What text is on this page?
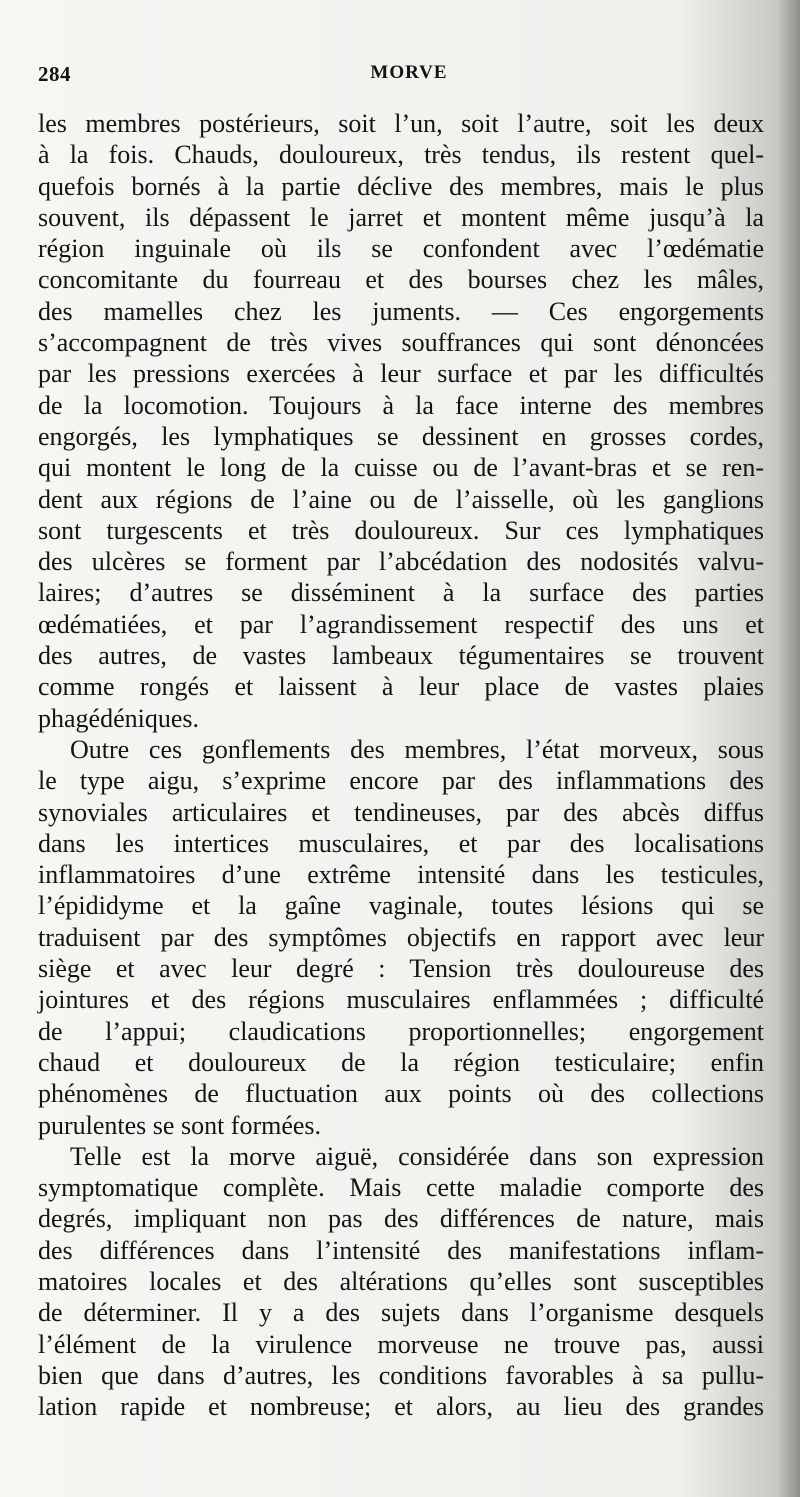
284	MORVE
les membres postérieurs, soit l’un, soit l’autre, soit les deux
à la fois. Chauds, douloureux, très tendus, ils restent quel-
quefois bornés à la partie déclive des membres, mais le plus
souvent, ils dépassent le jarret et montent même jusqu’à la
région inguinale où ils se confondent avec l’œdématie
concomitante du fourreau et des bourses chez les mâles,
des mamelles chez les juments. — Ces engorgements
s’accompagnent de très vives souffrances qui sont dénoncées
par les pressions exercées à leur surface et par les difficultés
de la locomotion. Toujours à la face interne des membres
engorgés, les lymphatiques se dessinent en grosses cordes,
qui montent le long de la cuisse ou de l’avant-bras et se ren-
dent aux régions de l’aine ou de l’aisselle, où les ganglions
sont turgescents et très douloureux. Sur ces lymphatiques
des ulcères se forment par l’abcédation des nodosités valvu-
laires; d’autres se disséminent à la surface des parties
œdématiées, et par l’agrandissement respectif des uns et
des autres, de vastes lambeaux tégumentaires se trouvent
comme rongés et laissent à leur place de vastes plaies
phagédéniques.
Outre ces gonflements des membres, l’état morveux, sous
le type aigu, s’exprime encore par des inflammations des
synoviales articulaires et tendineuses, par des abcès diffus
dans les intertices musculaires, et par des localisations
inflammatoires d’une extrême intensité dans les testicules,
l’épididyme et la gaîne vaginale, toutes lésions qui se
traduisent par des symptômes objectifs en rapport avec leur
siège et avec leur degré : Tension très douloureuse des
jointures et des régions musculaires enflammées ; difficulté
de l’appui; claudications proportionnelles; engorgement
chaud et douloureux de la région testiculaire; enfin
phénomènes de fluctuation aux points où des collections
purulentes se sont formées.
Telle est la morve aiguë, considérée dans son expression
symptomatique complète. Mais cette maladie comporte des
degrés, impliquant non pas des différences de nature, mais
des différences dans l’intensité des manifestations inflam-
matoires locales et des altérations qu’elles sont susceptibles
de déterminer. Il y a des sujets dans l’organisme desquels
l’élément de la virulence morveuse ne trouve pas, aussi
bien que dans d’autres, les conditions favorables à sa pullu-
lation rapide et nombreuse; et alors, au lieu des grandes
